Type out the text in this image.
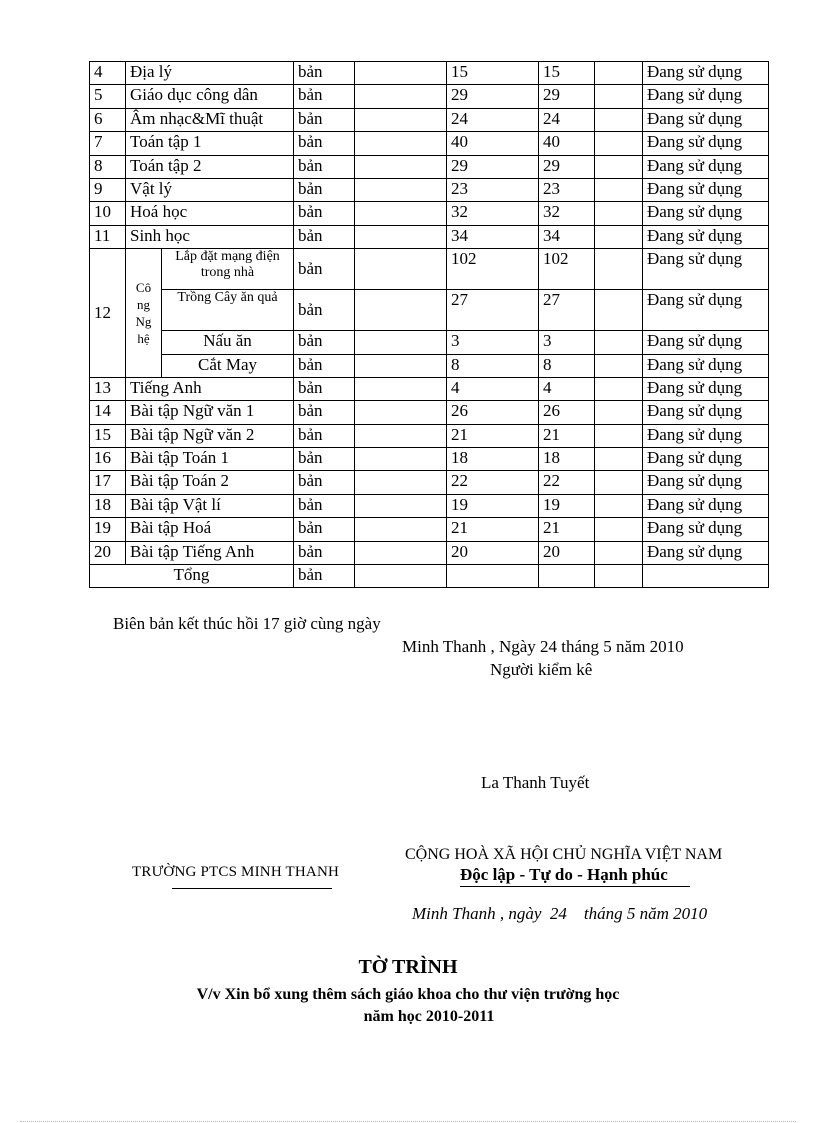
4	Địa lý		bản		15	15		Đang sử dụng
5	Giáo dục công dân		bản		29	29		Đang sử dụng
6	Âm nhạc&Mĩ thuật		bản		24	24		Đang sử dụng
7	Toán tập 1		bản		40	40		Đang sử dụng
8	Toán tập 2		bản		29	29		Đang sử dụng
9	Vật lý		bản		23	23		Đang sử dụng
10	Hoá học		bản		32	32		Đang sử dụng
11	Sinh học		bản		34	34		Đang sử dụng
12	Cô ng Ng hệ	Lắp đặt mạng điện trong nhà	bản		102	102		Đang sử dụng
		Trồng Cây ăn quả	bản		27	27		Đang sử dụng
		Nấu ăn	bản		3	3		Đang sử dụng
		Cắt May	bản		8	8		Đang sử dụng
13	Tiếng Anh		bản		4	4		Đang sử dụng
14	Bài tập Ngữ văn 1		bản		26	26		Đang sử dụng
15	Bài tập Ngữ văn 2		bản		21	21		Đang sử dụng
16	Bài tập Toán 1		bản		18	18		Đang sử dụng
17	Bài tập Toán 2		bản		22	22		Đang sử dụng
18	Bài tập Vật lí		bản		19	19		Đang sử dụng
19	Bài tập Hoá		bản		21	21		Đang sử dụng
20	Bài tập Tiếng Anh		bản		20	20		Đang sử dụng
Tổng			bản					
Biên bản kết thúc hồi 17 giờ cùng ngày
Minh Thanh , Ngày 24 tháng 5 năm 2010
Người kiểm kê
La Thanh Tuyết
TRƯỜNG PTCS MINH THANH
CỘNG HOÀ XÃ HỘI CHỦ NGHĨA VIỆT NAM
Độc lập - Tự do - Hạnh phúc
Minh Thanh , ngày  24    tháng 5 năm 2010
TỜ TRÌNH
V/v Xin bổ xung thêm sách giáo khoa cho thư viện trường học
năm học 2010-2011
